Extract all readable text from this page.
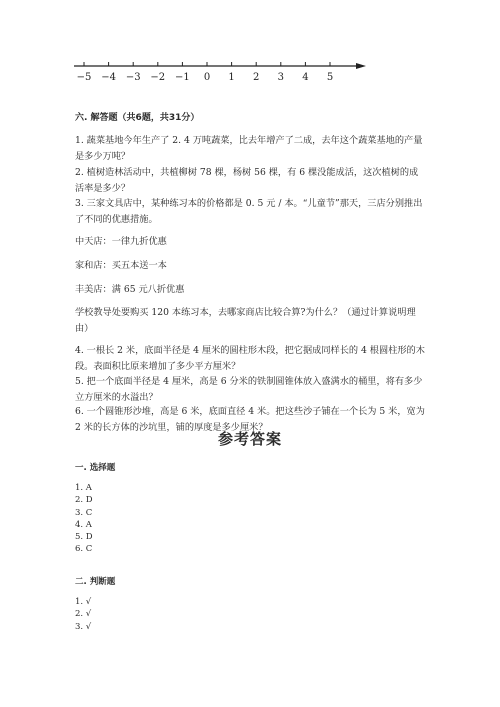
−5 −4 −3 −2 −1 0 1 2 3 4 5
六. 解答题（共6题，共31分）
1. 蔬菜基地今年生产了 2. 4 万吨蔬菜，比去年增产了二成，去年这个蔬菜基地的产量是多少万吨？
2. 植树造林活动中，共植柳树 78 棵，杨树 56 棵，有 6 棵没能成活，这次植树的成活率是多少？
3. 三家文具店中，某种练习本的价格都是 0. 5 元 / 本。“儿童节”那天，三店分别推出了不同的优惠措施。
中天店：一律九折优惠
家和店：买五本送一本
丰美店：满 65 元八折优惠
学校教导处要购买 120 本练习本，去哪家商店比较合算?为什么？（通过计算说明理由）
4. 一根长 2 米，底面半径是 4 厘米的圆柱形木段，把它据成同样长的 4 根圆柱形的木段。表面积比原来增加了多少平方厘米？
5. 把一个底面半径是 4 厘米，高是 6 分米的铁制圆锥体放入盛满水的桶里，将有多少立方厘米的水溢出？
6. 一个圆锥形沙堆，高是 6 米，底面直径 4 米。把这些沙子铺在一个长为 5 米，宽为 2 米的长方体的沙坑里，铺的厚度是多少厘米？
参考答案
一. 选择题
1. A
2. D
3. C
4. A
5. D
6. C
二. 判断题
1. √
2. √
3. √
